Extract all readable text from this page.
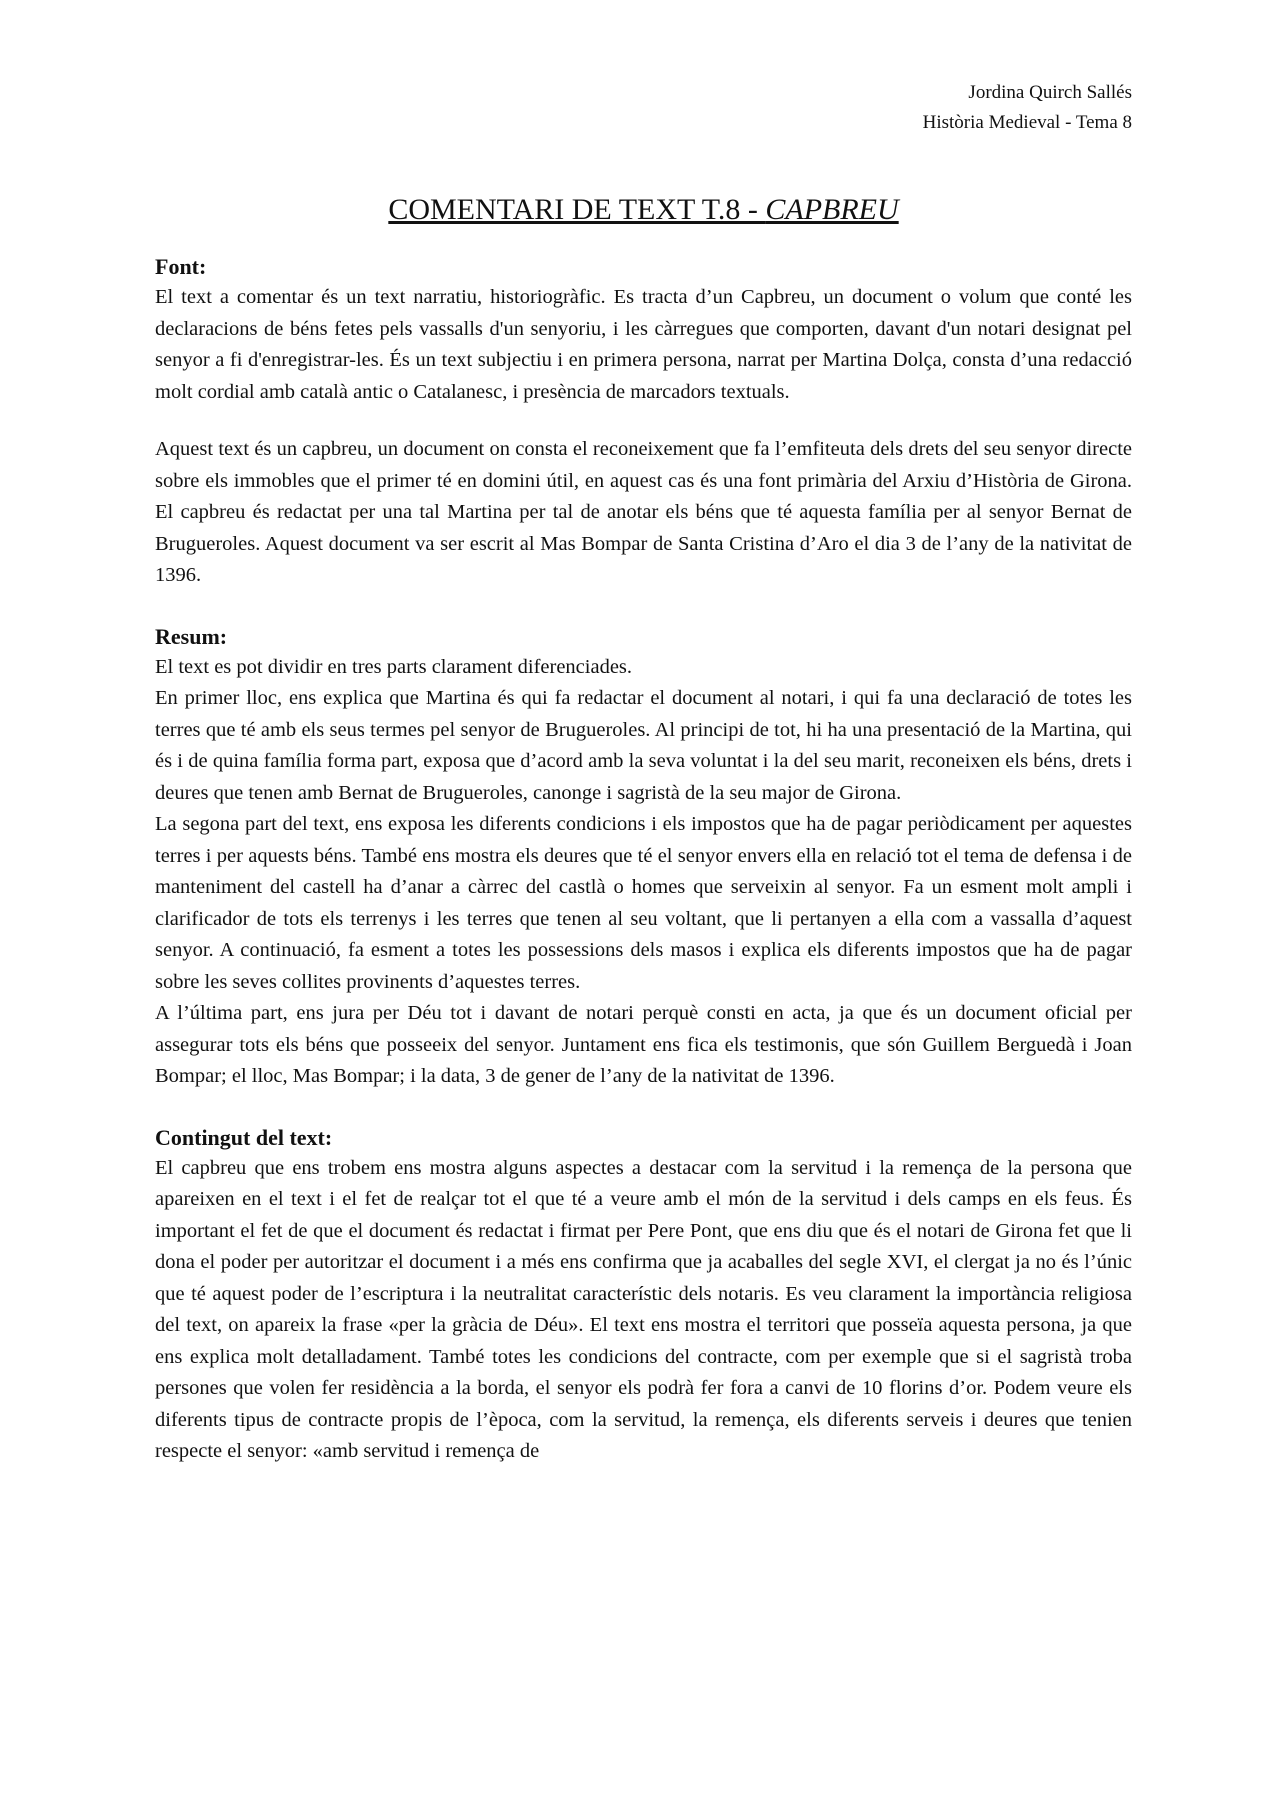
Jordina Quirch Sallés
Història Medieval - Tema 8
COMENTARI DE TEXT T.8 - CAPBREU
Font:

El text a comentar és un text narratiu, historiogràfic. Es tracta d’un Capbreu, un document o volum que conté les declaracions de béns fetes pels vassalls d'un senyoriu, i les càrregues que comporten, davant d'un notari designat pel senyor a fi d'enregistrar-les. És un text subjectiu i en primera persona, narrat per Martina Dolça, consta d’una redacció molt cordial amb català antic o Catalanesc, i presència de marcadors textuals.

Aquest text és un capbreu, un document on consta el reconeixement que fa l’emfiteuta dels drets del seu senyor directe sobre els immobles que el primer té en domini útil, en aquest cas és una font primària del Arxiu d’Història de Girona. El capbreu és redactat per una tal Martina per tal de anotar els béns que té aquesta família per al senyor Bernat de Brugueroles. Aquest document va ser escrit al Mas Bompar de Santa Cristina d’Aro el dia 3 de l’any de la nativitat de 1396.

Resum:

El text es pot dividir en tres parts clarament diferenciades.

En primer lloc, ens explica que Martina és qui fa redactar el document al notari, i qui fa una declaració de totes les terres que té amb els seus termes pel senyor de Brugueroles. Al principi de tot, hi ha una presentació de la Martina, qui és i de quina família forma part, exposa que d’acord amb la seva voluntat i la del seu marit, reconeixen els béns, drets i deures que tenen amb Bernat de Brugueroles, canonge i sagristà de la seu major de Girona.

La segona part del text, ens exposa les diferents condicions i els impostos que ha de pagar periòdicament per aquestes terres i per aquests béns. També ens mostra els deures que té el senyor envers ella en relació tot el tema de defensa i de manteniment del castell ha d’anar a càrrec del castlà o homes que serveixin al senyor. Fa un esment molt ampli i clarificador de tots els terrenys i les terres que tenen al seu voltant, que li pertanyen a ella com a vassalla d’aquest senyor. A continuació, fa esment a totes les possessions dels masos i explica els diferents impostos que ha de pagar sobre les seves collites provinents d’aquestes terres.

A l’última part, ens jura per Déu tot i davant de notari perquè consti en acta, ja que és un document oficial per assegurar tots els béns que posseeix del senyor. Juntament ens fica els testimonis, que són Guillem Berguedà i Joan Bompar; el lloc, Mas Bompar; i la data, 3 de gener de l’any de la nativitat de 1396.

Contingut del text:

El capbreu que ens trobem ens mostra alguns aspectes a destacar com la servitud i la remença de la persona que apareixen en el text i el fet de realçar tot el que té a veure amb el món de la servitud i dels camps en els feus. És important el fet de que el document és redactat i firmat per Pere Pont, que ens diu que és el notari de Girona fet que li dona el poder per autoritzar el document i a més ens confirma que ja acaballes del segle XVI, el clergat ja no és l’únic que té aquest poder de l’escriptura i la neutralitat característic dels notaris. Es veu clarament la importància religiosa del text, on apareix la frase «per la gràcia de Déu». El text ens mostra el territori que posseïa aquesta persona, ja que ens explica molt detalladament. També totes les condicions del contracte, com per exemple que si el sagristà troba persones que volen fer residència a la borda, el senyor els podrà fer fora a canvi de 10 florins d’or. Podem veure els diferents tipus de contracte propis de l’època, com la servitud, la remença, els diferents serveis i deures que tenien respecte el senyor: «amb servitud i remença de
